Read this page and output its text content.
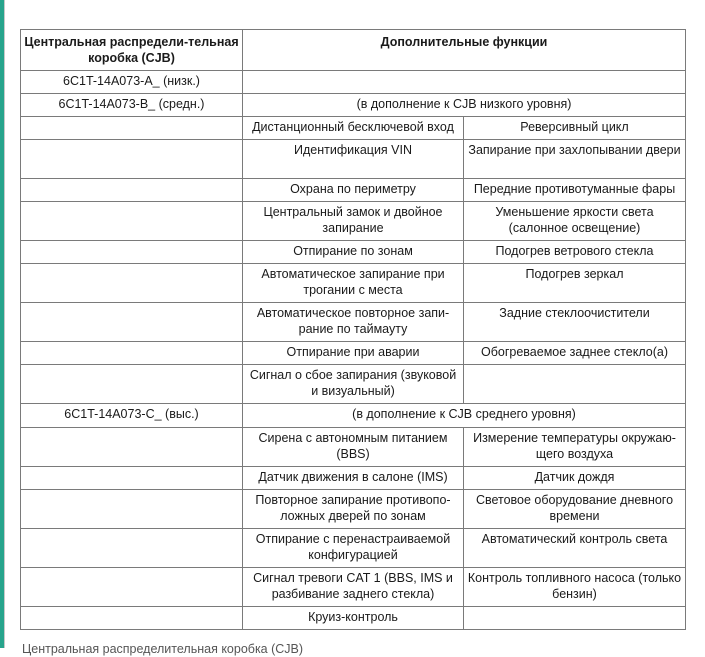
Центральная распредели-тельная коробка (CJB)	Дополнительные функции	
6C1T-14A073-A_ (низк.)		
6C1T-14A073-B_ (средн.)	(в дополнение к CJB низкого уровня)	
	Дистанционный бесключевой вход	Реверсивный цикл
	Идентификация VIN	Запирание при захлопывании двери
	Охрана по периметру	Передние противотуманные фары
	Центральный замок и двойное запирание	Уменьшение яркости света (салонное освещение)
	Отпирание по зонам	Подогрев ветрового стекла
	Автоматическое запирание при трогании с места	Подогрев зеркал
	Автоматическое повторное запи-рание по таймауту	Задние стеклоочистители
	Отпирание при аварии	Обогреваемое заднее стекло(а)
	Сигнал о сбое запирания (звуковой и визуальный)	
6C1T-14A073-C_ (выс.)	(в дополнение к CJB среднего уровня)	
	Сирена с автономным питанием (BBS)	Измерение температуры окружаю-щего воздуха
	Датчик движения в салоне (IMS)	Датчик дождя
	Повторное запирание противопо-ложных дверей по зонам	Световое оборудование дневного времени
	Отпирание с перенастраиваемой конфигурацией	Автоматический контроль света
	Сигнал тревоги CAT 1 (BBS, IMS и разбивание заднего стекла)	Контроль топливного насоса (только бензин)
	Круиз-контроль	
Центральная распределительная коробка (CJB)
